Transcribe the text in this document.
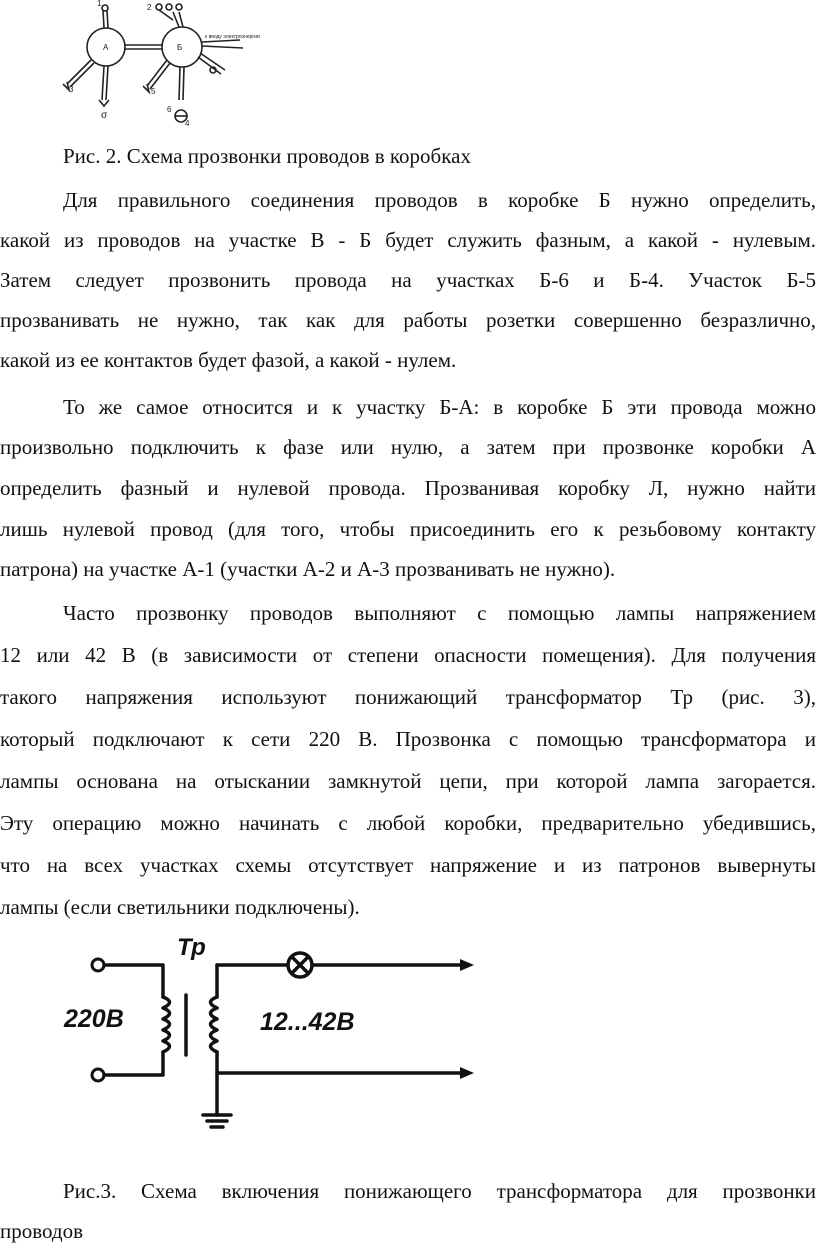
1	2
3
4
5
6
А	Б
σ
к вводу электроэнергии

Рис. 2. Схема прозвонки проводов в коробках

Для правильного соединения проводов в коробке Б нужно определить,

какой из проводов на участке В - Б будет служить фазным, а какой - нулевым.

Затем следует прозвонить провода на участках Б-6 и Б-4. Участок Б-5

прозванивать не нужно, так как для работы розетки совершенно безразлично,

какой из ее контактов будет фазой, а какой - нулем.

То же самое относится и к участку Б-А: в коробке Б эти провода можно

произвольно подключить к фазе или нулю, а затем при прозвонке коробки А

определить фазный и нулевой провода. Прозванивая коробку Л, нужно найти

лишь нулевой провод (для того, чтобы присоединить его к резьбовому контакту

патрона) на участке А-1 (участки А-2 и А-3 прозванивать не нужно).

Часто прозвонку проводов выполняют с помощью лампы напряжением

12 или 42 В (в зависимости от степени опасности помещения). Для получения

такого напряжения используют понижающий трансформатор Тр (рис. 3),

который подключают к сети 220 В. Прозвонка с помощью трансформатора и

лампы основана на отыскании замкнутой цепи, при которой лампа загорается.

Эту операцию можно начинать с любой коробки, предварительно убедившись,

что на всех участках схемы отсутствует напряжение и из патронов вывернуты

лампы (если светильники подключены).

Тр
220В	12...42В

Рис.3. Схема включения понижающего трансформатора для прозвонки

проводов
